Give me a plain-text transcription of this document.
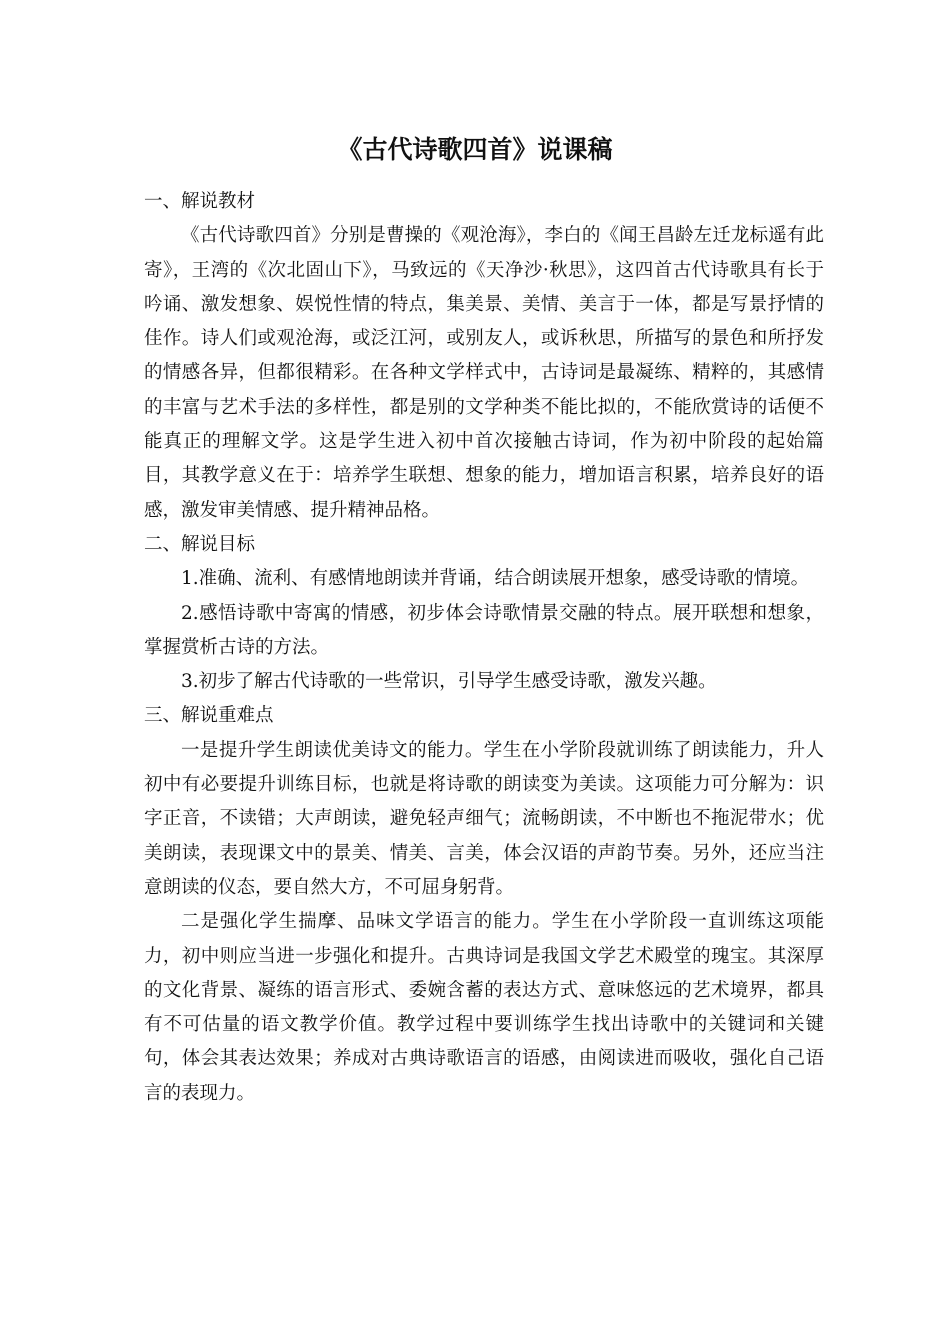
《古代诗歌四首》说课稿

一、解说教材

《古代诗歌四首》分别是曹操的《观沧海》，李白的《闻王昌龄左迁龙标遥有此寄》，王湾的《次北固山下》，马致远的《天净沙·秋思》，这四首古代诗歌具有长于吟诵、激发想象、娱悦性情的特点，集美景、美情、美言于一体，都是写景抒情的佳作。诗人们或观沧海，或泛江河，或别友人，或诉秋思，所描写的景色和所抒发的情感各异，但都很精彩。在各种文学样式中，古诗词是最凝练、精粹的，其感情的丰富与艺术手法的多样性，都是别的文学种类不能比拟的，不能欣赏诗的话便不能真正的理解文学。这是学生进入初中首次接触古诗词，作为初中阶段的起始篇目，其教学意义在于：培养学生联想、想象的能力，增加语言积累，培养良好的语感，激发审美情感、提升精神品格。

二、解说目标

1.准确、流利、有感情地朗读并背诵，结合朗读展开想象，感受诗歌的情境。

2.感悟诗歌中寄寓的情感，初步体会诗歌情景交融的特点。展开联想和想象，掌握赏析古诗的方法。

3.初步了解古代诗歌的一些常识，引导学生感受诗歌，激发兴趣。

三、解说重难点

一是提升学生朗读优美诗文的能力。学生在小学阶段就训练了朗读能力，升人初中有必要提升训练目标，也就是将诗歌的朗读变为美读。这项能力可分解为：识字正音，不读错；大声朗读，避免轻声细气；流畅朗读，不中断也不拖泥带水；优美朗读，表现课文中的景美、情美、言美，体会汉语的声韵节奏。另外，还应当注意朗读的仪态，要自然大方，不可屈身躬背。

二是强化学生揣摩、品味文学语言的能力。学生在小学阶段一直训练这项能力，初中则应当进一步强化和提升。古典诗词是我国文学艺术殿堂的瑰宝。其深厚的文化背景、凝练的语言形式、委婉含蓄的表达方式、意味悠远的艺术境界，都具有不可估量的语文教学价值。教学过程中要训练学生找出诗歌中的关键词和关键句，体会其表达效果；养成对古典诗歌语言的语感，由阅读进而吸收，强化自己语言的表现力。
